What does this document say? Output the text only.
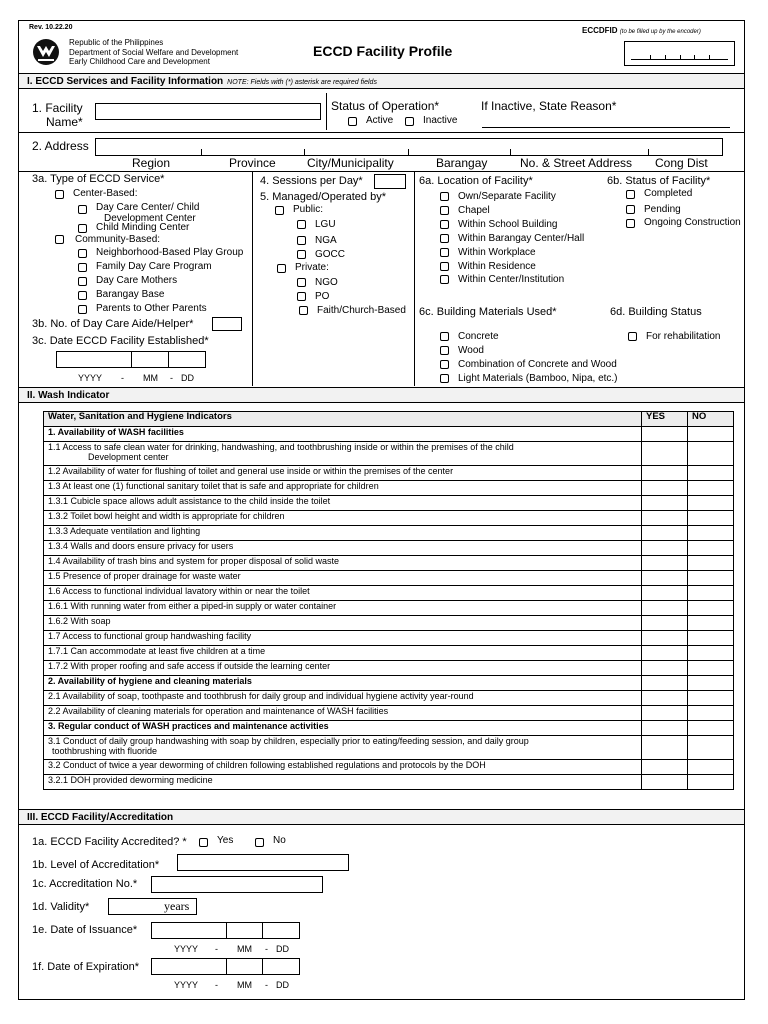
Rev. 10.22.20
Republic of the Philippines
Department of Social Welfare and Development
Early Childhood Care and Development
ECCD Facility Profile
ECCDFID (to be filled up by the encoder)
I. ECCD Services and Facility Information NOTE: Fields with (*) asterisk are required fields
1. Facility
Name*
Status of Operation*
Active	Inactive
If Inactive, State Reason*
2. Address
Region	Province	City/Municipality	Barangay	No. & Street Address Cong Dist
3a. Type of ECCD Service*
Center-Based:
Day Care Center/ Child
Development Center
Child Minding Center
Community-Based:
Neighborhood-Based Play Group
Family Day Care Program
Day Care Mothers
Barangay Base
Parents to Other Parents
3b. No. of Day Care Aide/Helper*
3c. Date ECCD Facility Established*
YYYY - MM - DD
4. Sessions per Day*
5. Managed/Operated by*
Public:
LGU
NGA
GOCC
Private:
NGO
PO
Faith/Church-Based
6a. Location of Facility*
Own/Separate Facility
Chapel
Within School Building
Within Barangay Center/Hall
Within Workplace
Within Residence
Within Center/Institution
6b. Status of Facility*
Completed
Pending
Ongoing Construction
6c. Building Materials Used*
Concrete
Wood
Combination of Concrete and Wood
Light Materials (Bamboo, Nipa, etc.)
6d. Building Status
For rehabilitation
II. Wash Indicator
Water, Sanitation and Hygiene Indicators	YES	NO

1. Availability of WASH facilities		

1.1 Access to safe clean water for drinking, handwashing, and toothbrushing inside or within the premises of the child
Development center		

1.2 Availability of water for flushing of toilet and general use inside or within the premises of the center		

1.3 At least one (1) functional sanitary toilet that is safe and appropriate for children		

1.3.1 Cubicle space allows adult assistance to the child inside the toilet		

1.3.2 Toilet bowl height and width is appropriate for children		

1.3.3 Adequate ventilation and lighting		

1.3.4 Walls and doors ensure privacy for users		

1.4 Availability of trash bins and system for proper disposal of solid waste		

1.5 Presence of proper drainage for waste water		

1.6 Access to functional individual lavatory within or near the toilet		

1.6.1 With running water from either a piped-in supply or water container		

1.6.2 With soap		

1.7 Access to functional group handwashing facility		

1.7.1 Can accommodate at least five children at a time		

1.7.2 With proper roofing and safe access if outside the learning center		

2. Availability of hygiene and cleaning materials		

2.1 Availability of soap, toothpaste and toothbrush for daily group and individual hygiene activity year-round		

2.2 Availability of cleaning materials for operation and maintenance of WASH facilities		

3. Regular conduct of WASH practices and maintenance activities		

3.1 Conduct of daily group handwashing with soap by children, especially prior to eating/feeding session, and daily group
toothbrushing with fluoride		

3.2 Conduct of twice a year deworming of children following established regulations and protocols by the DOH		

3.2.1 DOH provided deworming medicine		

III. ECCD Facility/Accreditation
1a. ECCD Facility Accredited? *	Yes	No
1b. Level of Accreditation*
1c. Accreditation No.*
1d. Validity*	years
1e. Date of Issuance*
YYYY - MM - DD
1f. Date of Expiration*
YYYY - MM - DD
